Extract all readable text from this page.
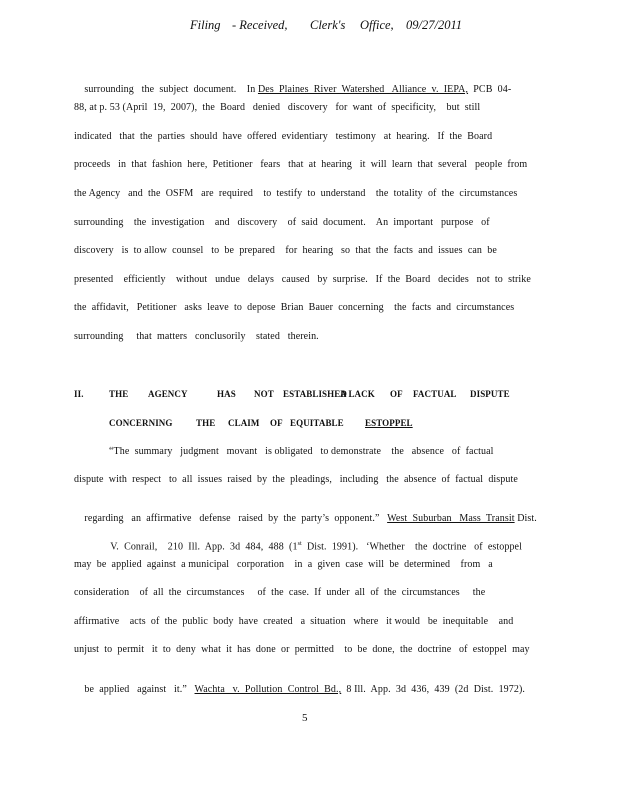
Filing - Received, Clerk's Office, 09/27/2011

surrounding   the  subject  document.    In Des  Plaines  River  Watershed   Alliance  v.  IEPA,  PCB  04-

88, at p. 53 (April  19,  2007),  the  Board   denied   discovery   for  want  of  specificity,    but  still
indicated   that  the  parties  should  have  offered  evidentiary   testimony   at  hearing.   If  the  Board
proceeds   in  that  fashion  here,  Petitioner   fears   that  at  hearing   it  will  learn  that  several   people  from
the Agency   and  the  OSFM   are  required    to  testify  to  understand    the  totality  of  the  circumstances
surrounding    the  investigation    and   discovery    of  said  document.    An  important   purpose   of
discovery   is  to allow  counsel   to  be  prepared    for  hearing   so  that  the  facts  and  issues  can  be
presented    efficiently    without   undue   delays   caused   by  surprise.   If  the  Board   decides   not  to  strike
the  affidavit,   Petitioner   asks  leave  to  depose  Brian  Bauer  concerning    the  facts  and  circumstances
surrounding     that  matters   conclusorily    stated   therein.
II.	THE AGENCY	HAS NOT ESTABLISHED
A LACK OF FACTUAL DISPUTE
CONCERNING	THE CLAIM OF EQUITABLE ESTOPPEL
“The  summary   judgment   movant   is obligated   to demonstrate    the   absence   of  factual
dispute  with  respect   to  all  issues  raised  by  the  pleadings,   including   the  absence  of  factual  dispute

regarding   an  affirmative   defense   raised  by  the  party’s  opponent.”   West  Suburban   Mass  Transit Dist.

V.  Conrail,    210  Ill.  App.  3d  484,  488  (1st  Dist.  1991).   ‘Whether    the  doctrine   of  estoppel

may  be  applied  against  a municipal   corporation    in  a  given  case  will  be  determined    from   a
consideration    of  all  the  circumstances     of  the  case.  If  under  all  of  the  circumstances     the
affirmative    acts  of  the  public  body  have  created   a  situation   where   it would   be  inequitable    and
unjust  to  permit   it  to  deny  what  it  has  done  or  permitted    to  be  done,  the  doctrine   of  estoppel  may

be  applied   against   it.”   Wachta   v.  Pollution  Control  Bd.,  8 Ill.  App.  3d  436,  439  (2d  Dist.  1972).

5
